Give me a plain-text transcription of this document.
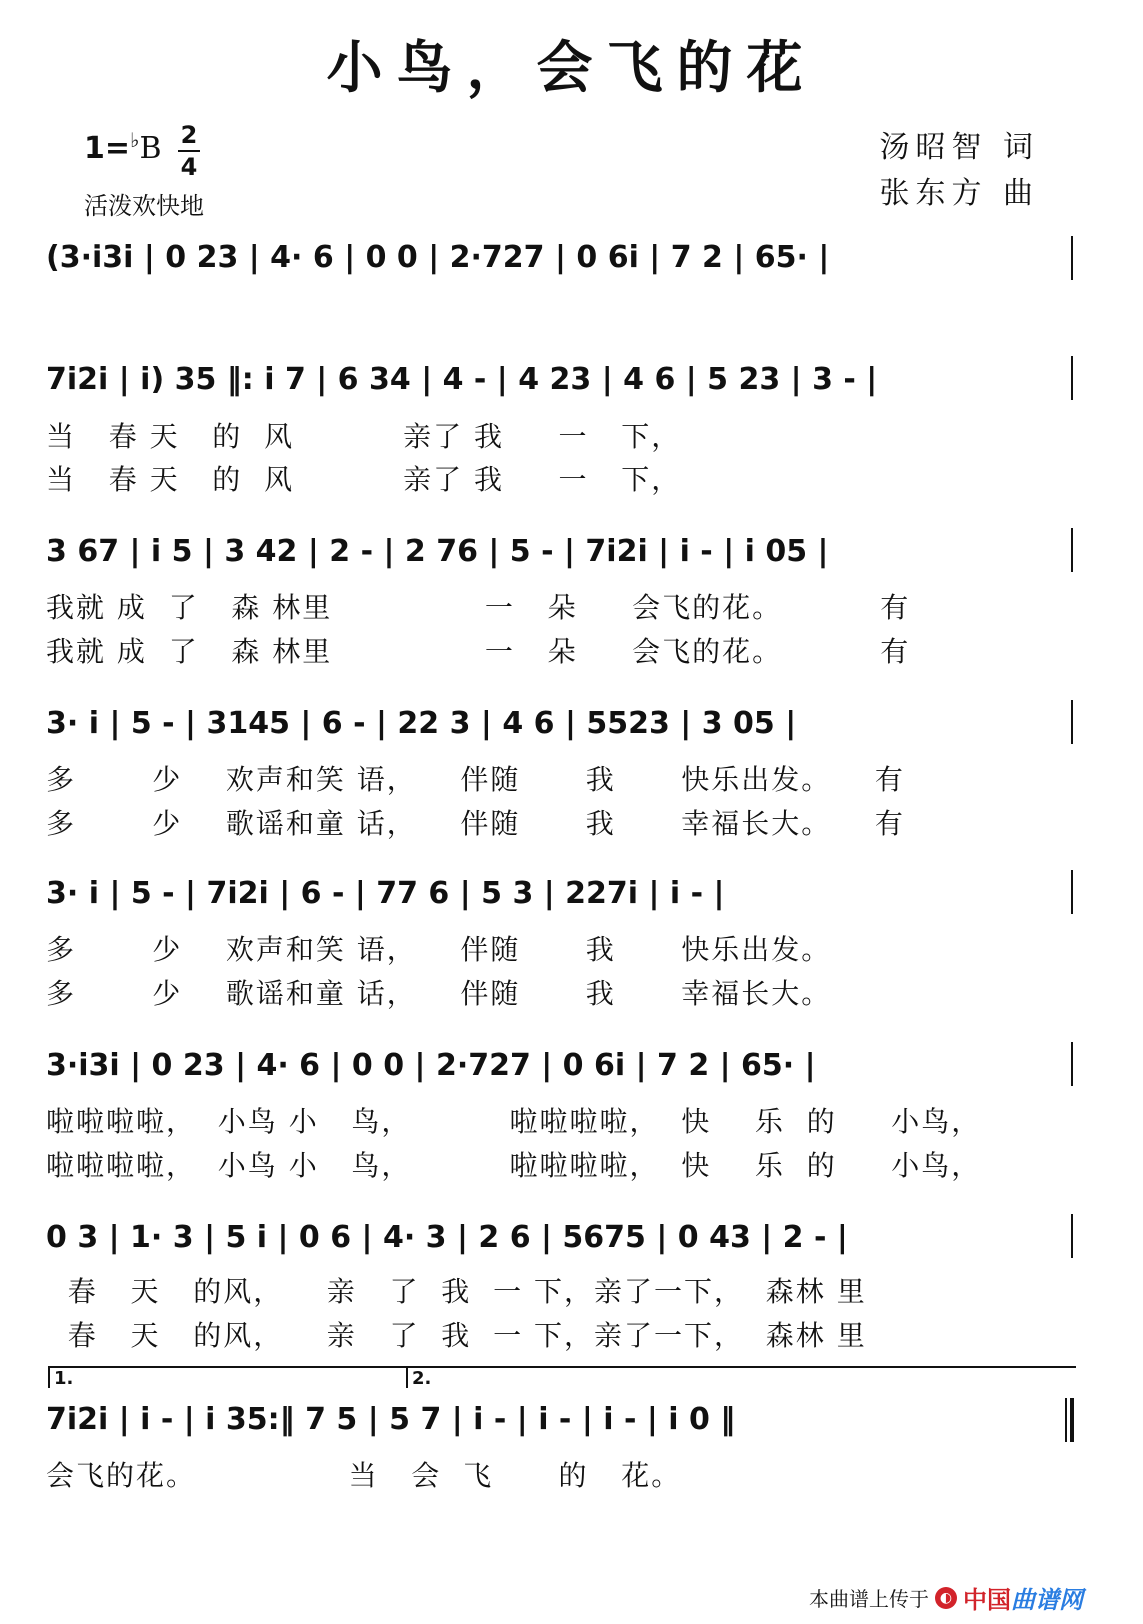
小鸟，会飞的花
1=♭B 2
4
活泼欢快地
汤昭智 词
张东方 曲
(3·i̇3i | 0 23 | 4· 6 | 0 0 | 2·727 | 0 6i | 7 2 | 65· |
7i2i | i) 35 ‖: i 7 | 6 34 | 4 - | 4 23 | 4 6 | 5 23 | 3 - |
当   春 天   的  风          亲了 我     一   下，
当   春 天   的  风          亲了 我     一   下，
3 67 | i 5 | 3 42 | 2 - | 2 76 | 5 - | 7i2i | i - | i 05 |
我就 成  了   森 林里              一   朵     会飞的花。         有
我就 成  了   森 林里              一   朵     会飞的花。         有
3· i | 5 - | 3145 | 6 - | 22 3 | 4 6 | 5523 | 3 05 |
多       少    欢声和笑 语，    伴随      我      快乐出发。    有
多       少    歌谣和童 话，    伴随      我      幸福长大。    有
3· i | 5 - | 7i2i | 6 - | 77 6 | 5 3 | 227i | i - |
多       少    欢声和笑 语，    伴随      我      快乐出发。
多       少    歌谣和童 话，    伴随      我      幸福长大。
3·i3i | 0 23 | 4· 6 | 0 0 | 2·727 | 0 6i | 7 2 | 65· |
啦啦啦啦，  小鸟 小   鸟，         啦啦啦啦，  快    乐  的     小鸟，
啦啦啦啦，  小鸟 小   鸟，         啦啦啦啦，  快    乐  的     小鸟，
0 3 | 1· 3 | 5 i | 0 6 | 4· 3 | 2 6 | 5675 | 0 43 | 2 - |
春   天   的风，    亲   了  我  一 下，亲了一下，  森林 里
春   天   的风，    亲   了  我  一 下，亲了一下，  森林 里
1.	2.
7i2i | i - | i 35:‖ 7 5 | 5 7 | i - | i - | i - | i 0 ‖
会飞的花。              当   会  飞      的   花。
本曲谱上传于 ◐ 中国曲谱网
